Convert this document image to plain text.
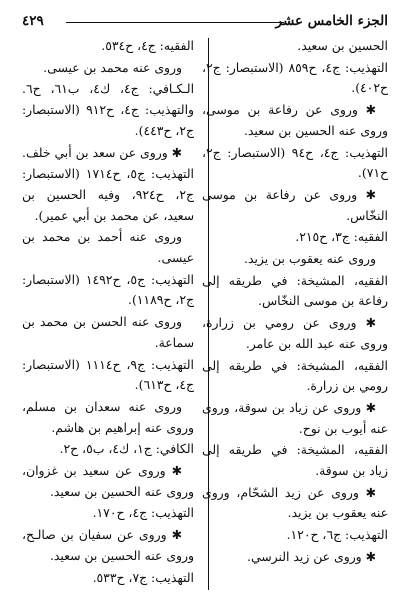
الجزء الخامس عشر
٤٢٩

الحسين بن سعيد.

التهذيب: ج٤، ح٨٥٩ (الاستبصار: ج٢، ح٤٠٢).

✱ وروى عن رفاعة بن موسى، وروى عنه الحسين بن سعيد.

التهذيب: ج٤، ح٩٤ (الاستبصار: ج٢، ح٧١).

✱ وروى عن رفاعة بن موسى النخّاس.

الفقيه: ج٣، ح٢١٥.

وروى عنه يعقوب بن يزيد.

الفقيه، المشيخة: في طريقه إلى رفاعة بن موسى النخّاس.

✱ وروى عن رومي بن زرارة، وروى عنه عبد الله بن عامر.

الفقيه، المشيخة: في طريقه إلى رومي بن زرارة.

✱ وروى عن زياد بن سوقة، وروى عنه أيوب بن نوح.

الفقيه، المشيخة: في طريقه إلى زياد بن سوقة.

✱ وروى عن زيد الشحّام، وروى عنه يعقوب بن يزيد.

التهذيب: ج٦، ح١٢٠.

✱ وروى عن زيد النرسي.

الفقيه: ج٤، ح٥٣٤.

وروى عنه محمد بن عيسى.

الـكـافي: ج٤، ك٤، ب٦١، ح٦. والتهذيب: ج٤، ح٩١٢ (الاستبصار: ج٢، ح٤٤٣).

✱ وروى عن سعد بن أبي خلف.

التهذيب: ج٥، ح١٧١٤ (الاستبصار: ج٢، ح٩٢٤، وفيه الحسين بن سعيد، عن محمد بن أبي عمير).

وروى عنه أحمد بن محمد بن عيسى.

التهذيب: ج٥، ح١٤٩٢ (الاستبصار: ج٢، ح١١٨٩).

وروى عنه الحسن بن محمد بن سماعة.

التهذيب: ج٩، ح١١١٤ (الاستبصار: ج٤، ح٦١٣).

وروى عنه سعدان بن مسلم، وروى عنه إبراهيم بن هاشم.

الكافي: ج١، ك٤، ب٥، ح٢.

✱ وروى عن سعيد بن غزوان، وروى عنه الحسين بن سعيد.

التهذيب: ج٤، ح١٧٠.

✱ وروى عن سفيان بن صالـح، وروى عنه الحسين بن سعيد.

التهذيب: ج٧، ح٥٣٣.
